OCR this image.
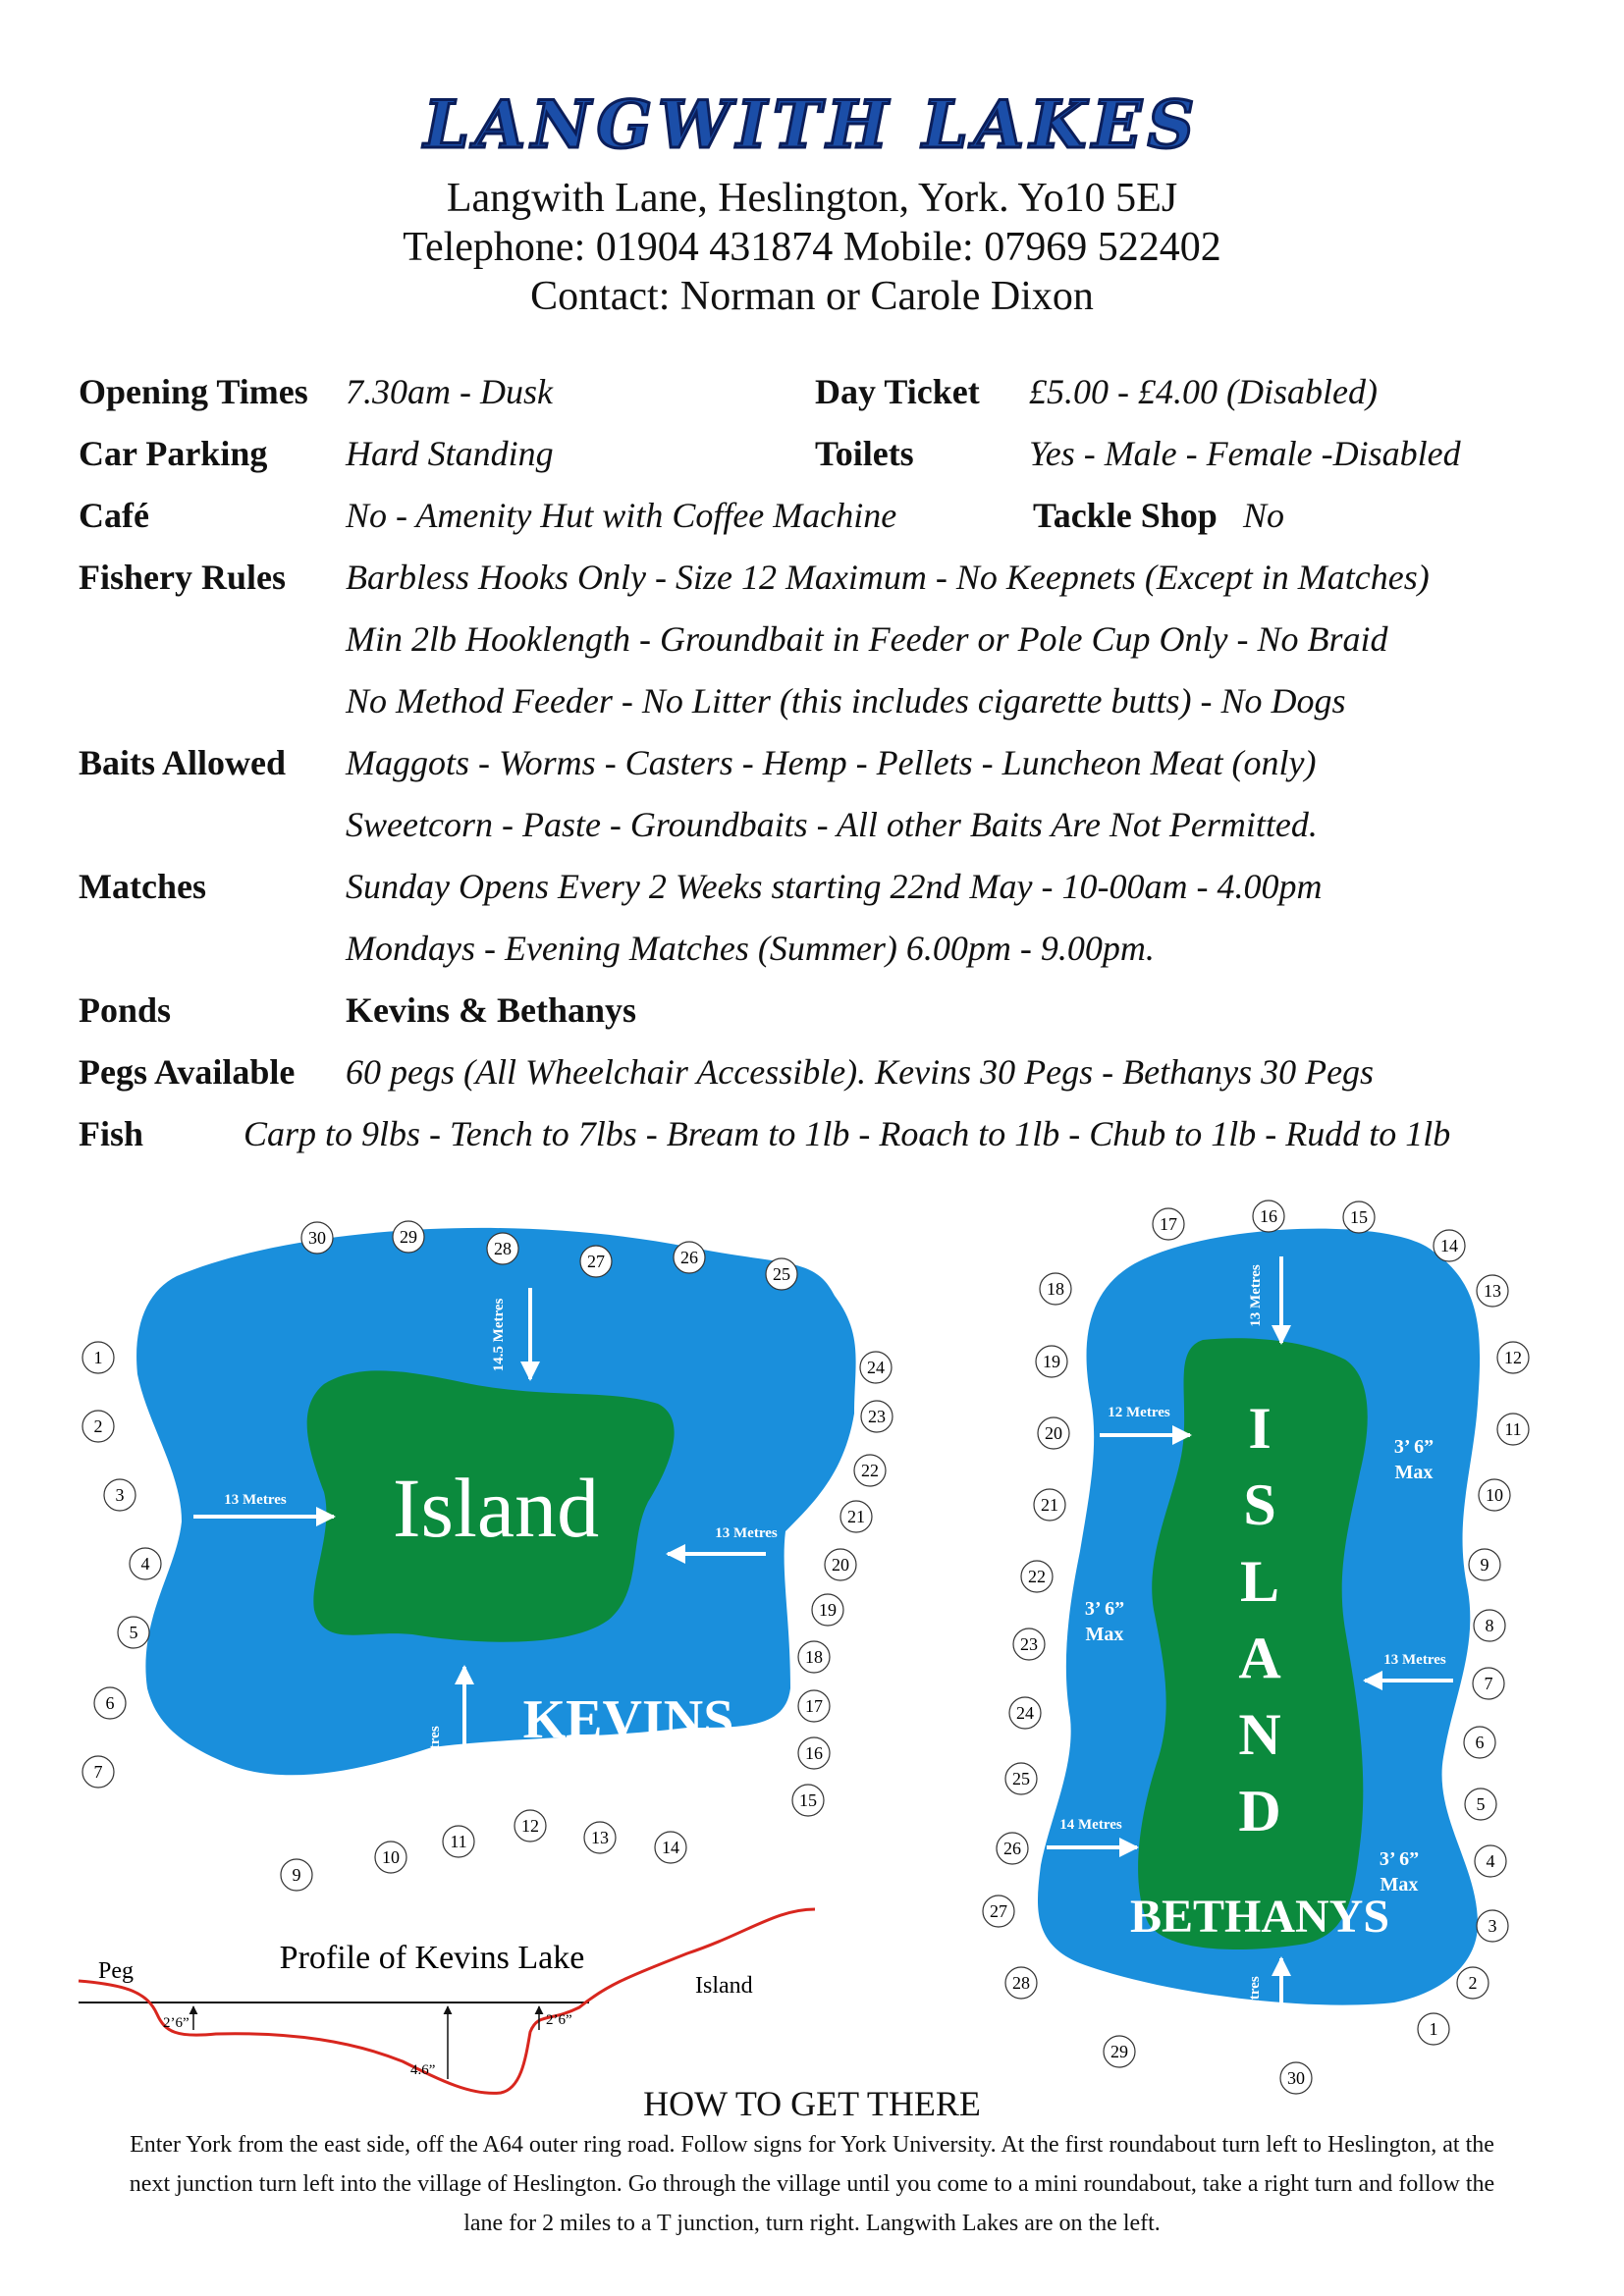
LANGWITH LAKES
Langwith Lane, Heslington, York. Yo10 5EJ
Telephone: 01904 431874 Mobile: 07969 522402
Contact: Norman or Carole Dixon
Opening Times 7.30am - Dusk	Day Ticket £5.00 - £4.00 (Disabled)
Car Parking Hard Standing	Toilets	Yes - Male - Female -Disabled
Café	No - Amenity Hut with Coffee Machine	Tackle Shop No
Fishery Rules Barbless Hooks Only - Size 12 Maximum - No Keepnets (Except in Matches)
Min 2lb Hooklength - Groundbait in Feeder or Pole Cup Only - No Braid
No Method Feeder - No Litter (this includes cigarette butts) - No Dogs
Baits Allowed Maggots - Worms - Casters - Hemp - Pellets - Luncheon Meat (only)
Sweetcorn - Paste - Groundbaits - All other Baits Are Not Permitted.
Matches	Sunday Opens Every 2 Weeks starting 22nd May - 10-00am - 4.00pm
Mondays - Evening Matches (Summer) 6.00pm - 9.00pm.
Ponds	Kevins & Bethanys
Pegs Available 60 pegs (All Wheelchair Accessible). Kevins 30 Pegs - Bethanys 30 Pegs
Fish	Carp to 9lbs - Tench to 7lbs - Bream to 1lb - Roach to 1lb - Chub to 1lb - Rudd to 1lb
Island
KEVINS
14.5 Metres
13 Metres
13 Metres
13 Metres
I
S
L
A
N
D
BETHANYS
13 Metres
12 Metres
13 Metres
14 Metres
13 Metres
3’ 6”
Max
3’ 6”
Max
3’ 6”
Max
1
2
3
4
5
6
7
9
10
11
12
13	14
15
16
17
18
19
20
21
22
23
24
25
26
27
28
29
30
1
2
3
4
5
6
7
8
9
10
11
12
13
14
15
16
17
18
19
20
21
22
23
24
25
26
27
28
29
30
Profile of Kevins Lake
Peg
Island
2’6”
4.6”
2’6”
HOW TO GET THERE
Enter York from the east side, off the A64 outer ring road. Follow signs for York University. At the first roundabout turn left to Heslington, at the next junction turn left into the village of Heslington. Go through the village until you come to a mini roundabout, take a right turn and follow the lane for 2 miles to a T junction, turn right. Langwith Lakes are on the left.
